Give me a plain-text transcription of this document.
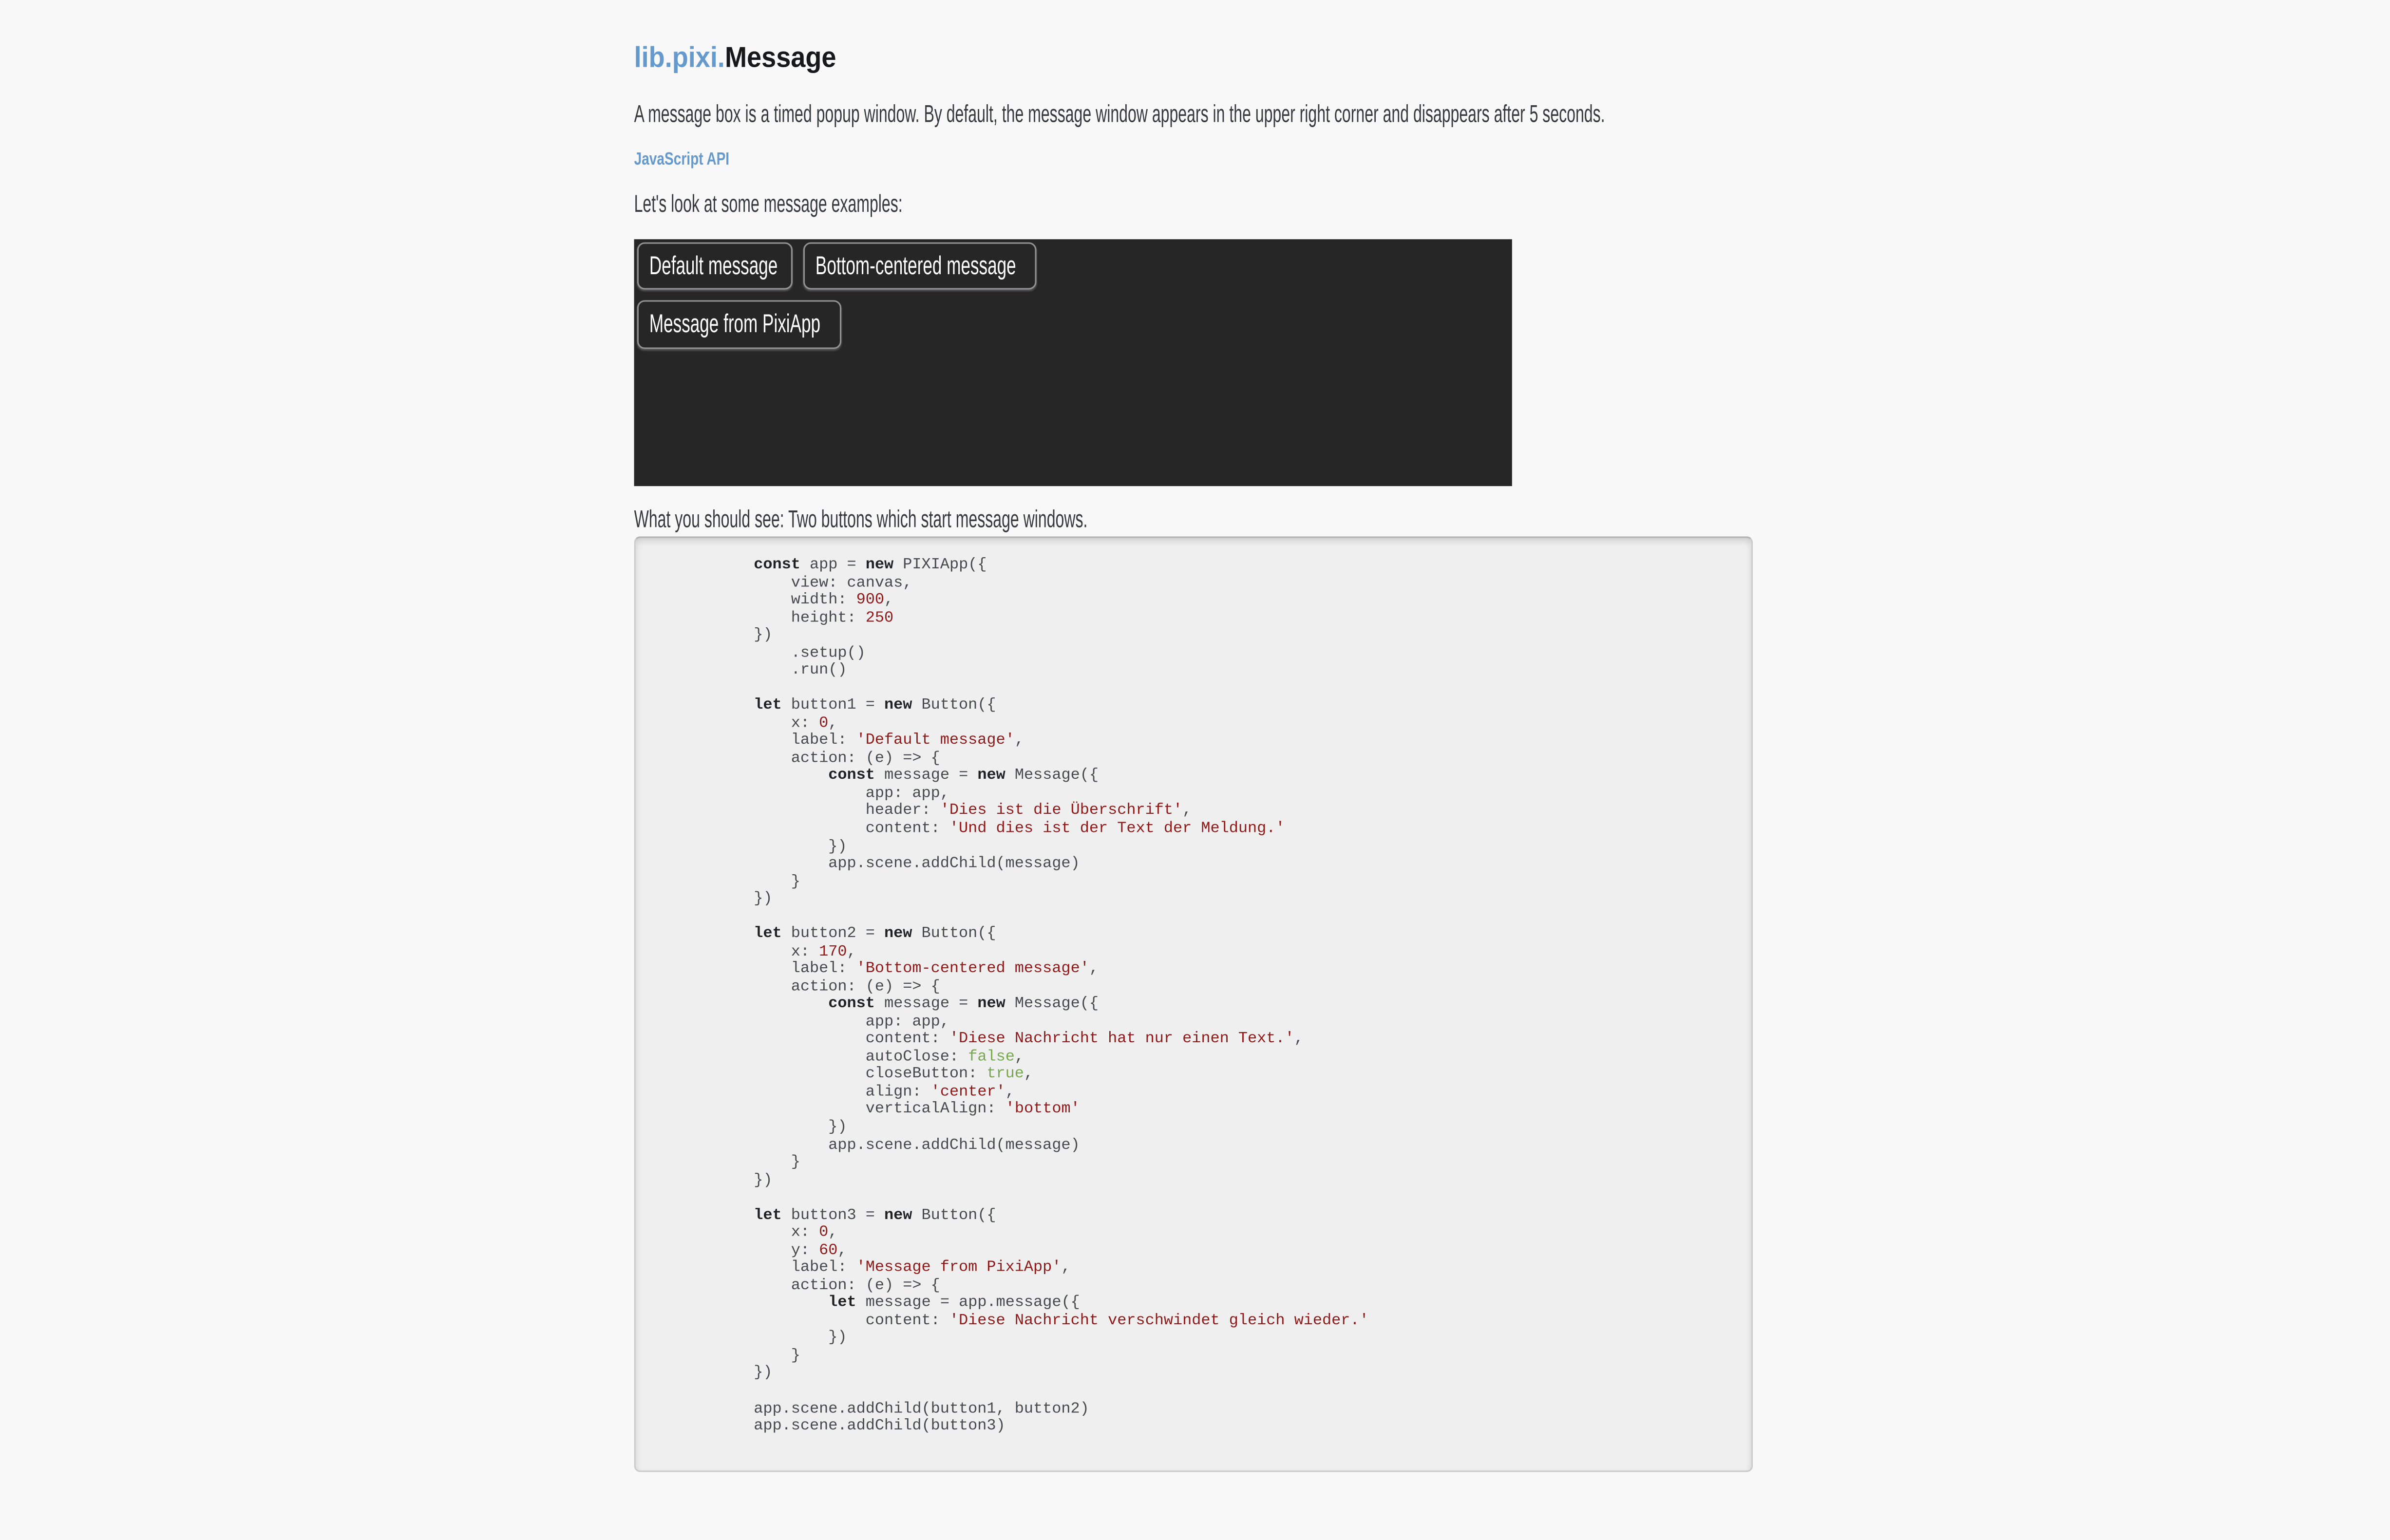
lib.pixi.Message

A message box is a timed popup window. By default, the message window appears in the upper right corner and disappears after 5 seconds.

JavaScript API

Let's look at some message examples:

Default message	Bottom-centered message
Message from PixiApp

What you should see: Two buttons which start message windows.

const app = new PIXIApp({
view: canvas,
width: 900,
height: 250
})
.setup()
.run()

let button1 = new Button({
x: 0,
label: 'Default message',
action: (e) => {
const message = new Message({
app: app,
header: 'Dies ist die Überschrift',
content: 'Und dies ist der Text der Meldung.'
})
app.scene.addChild(message)
}
})

let button2 = new Button({
x: 170,
label: 'Bottom-centered message',
action: (e) => {
const message = new Message({
app: app,
content: 'Diese Nachricht hat nur einen Text.',
autoClose: false,
closeButton: true,
align: 'center',
verticalAlign: 'bottom'
})
app.scene.addChild(message)
}
})

let button3 = new Button({
x: 0,
y: 60,
label: 'Message from PixiApp',
action: (e) => {
let message = app.message({
content: 'Diese Nachricht verschwindet gleich wieder.'
})
}
})

app.scene.addChild(button1, button2)
app.scene.addChild(button3)
